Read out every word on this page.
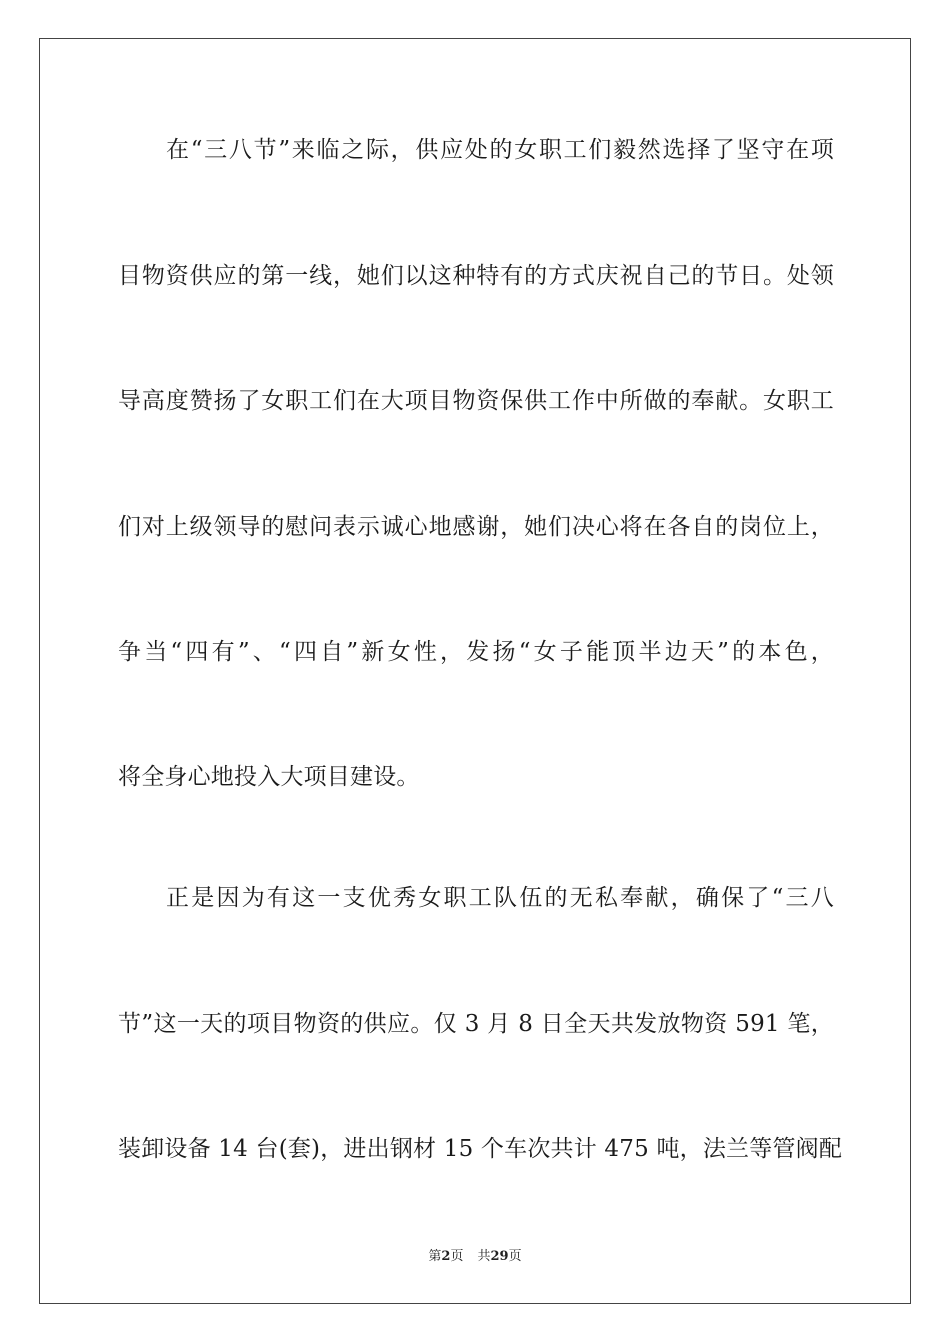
在“三八节”来临之际，供应处的女职工们毅然选择了坚守在项
目物资供应的第一线，她们以这种特有的方式庆祝自己的节日。处领
导高度赞扬了女职工们在大项目物资保供工作中所做的奉献。女职工
们对上级领导的慰问表示诚心地感谢，她们决心将在各自的岗位上，
争当“四有”、“四自”新女性，发扬“女子能顶半边天”的本色，
将全身心地投入大项目建设。
正是因为有这一支优秀女职工队伍的无私奉献，确保了“三八
节”这一天的项目物资的供应。仅 3 月 8 日全天共发放物资 591 笔，
装卸设备 14 台(套)，进出钢材 15 个车次共计 475 吨，法兰等管阀配
第2页 共29页
